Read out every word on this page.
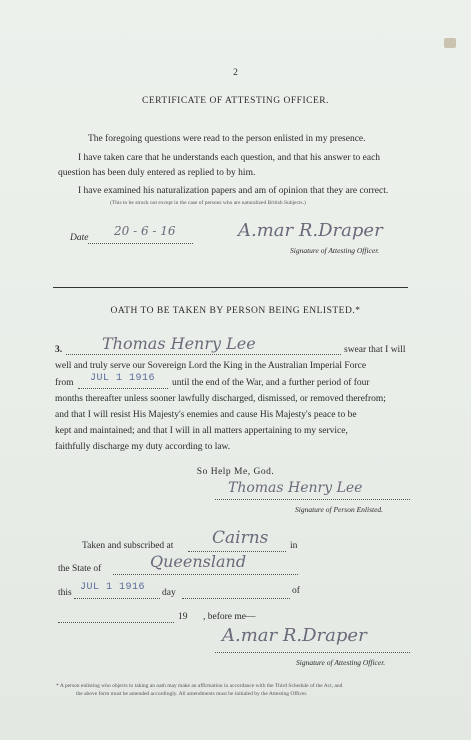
2
CERTIFICATE OF ATTESTING OFFICER.
The foregoing questions were read to the person enlisted in my presence.
I have taken care that he understands each question, and that his answer to each
question has been duly entered as replied to by him.
I have examined his naturalization papers and am of opinion that they are correct.
(This to be struck out except in the case of persons who are naturalized British Subjects.)
Date 20 - 6 - 16	A.mar R.Draper
Signature of Attesting Officer.
OATH TO BE TAKEN BY PERSON BEING ENLISTED.*
3. Thomas Henry Lee	swear that I will
well and truly serve our Sovereign Lord the King in the Australian Imperial Force
from JUL 1 1916 until the end of the War, and a further period of four
months thereafter unless sooner lawfully discharged, dismissed, or removed therefrom;
and that I will resist His Majesty's enemies and cause His Majesty's peace to be
kept and maintained; and that I will in all matters appertaining to my service,
faithfully discharge my duty according to law.
So Help Me, God.
Thomas Henry Lee
Signature of Person Enlisted.
Taken and subscribed at Cairns in
the State of	Queensland
this JUL 1 1916 day	of
19 , before me—
A.mar R.Draper
Signature of Attesting Officer.
* A person enlisting who objects to taking an oath may make an affirmation in accordance with the Third Schedule of the Act, and
the above form must be amended accordingly. All amendments must be initialed by the Attesting Officer.
